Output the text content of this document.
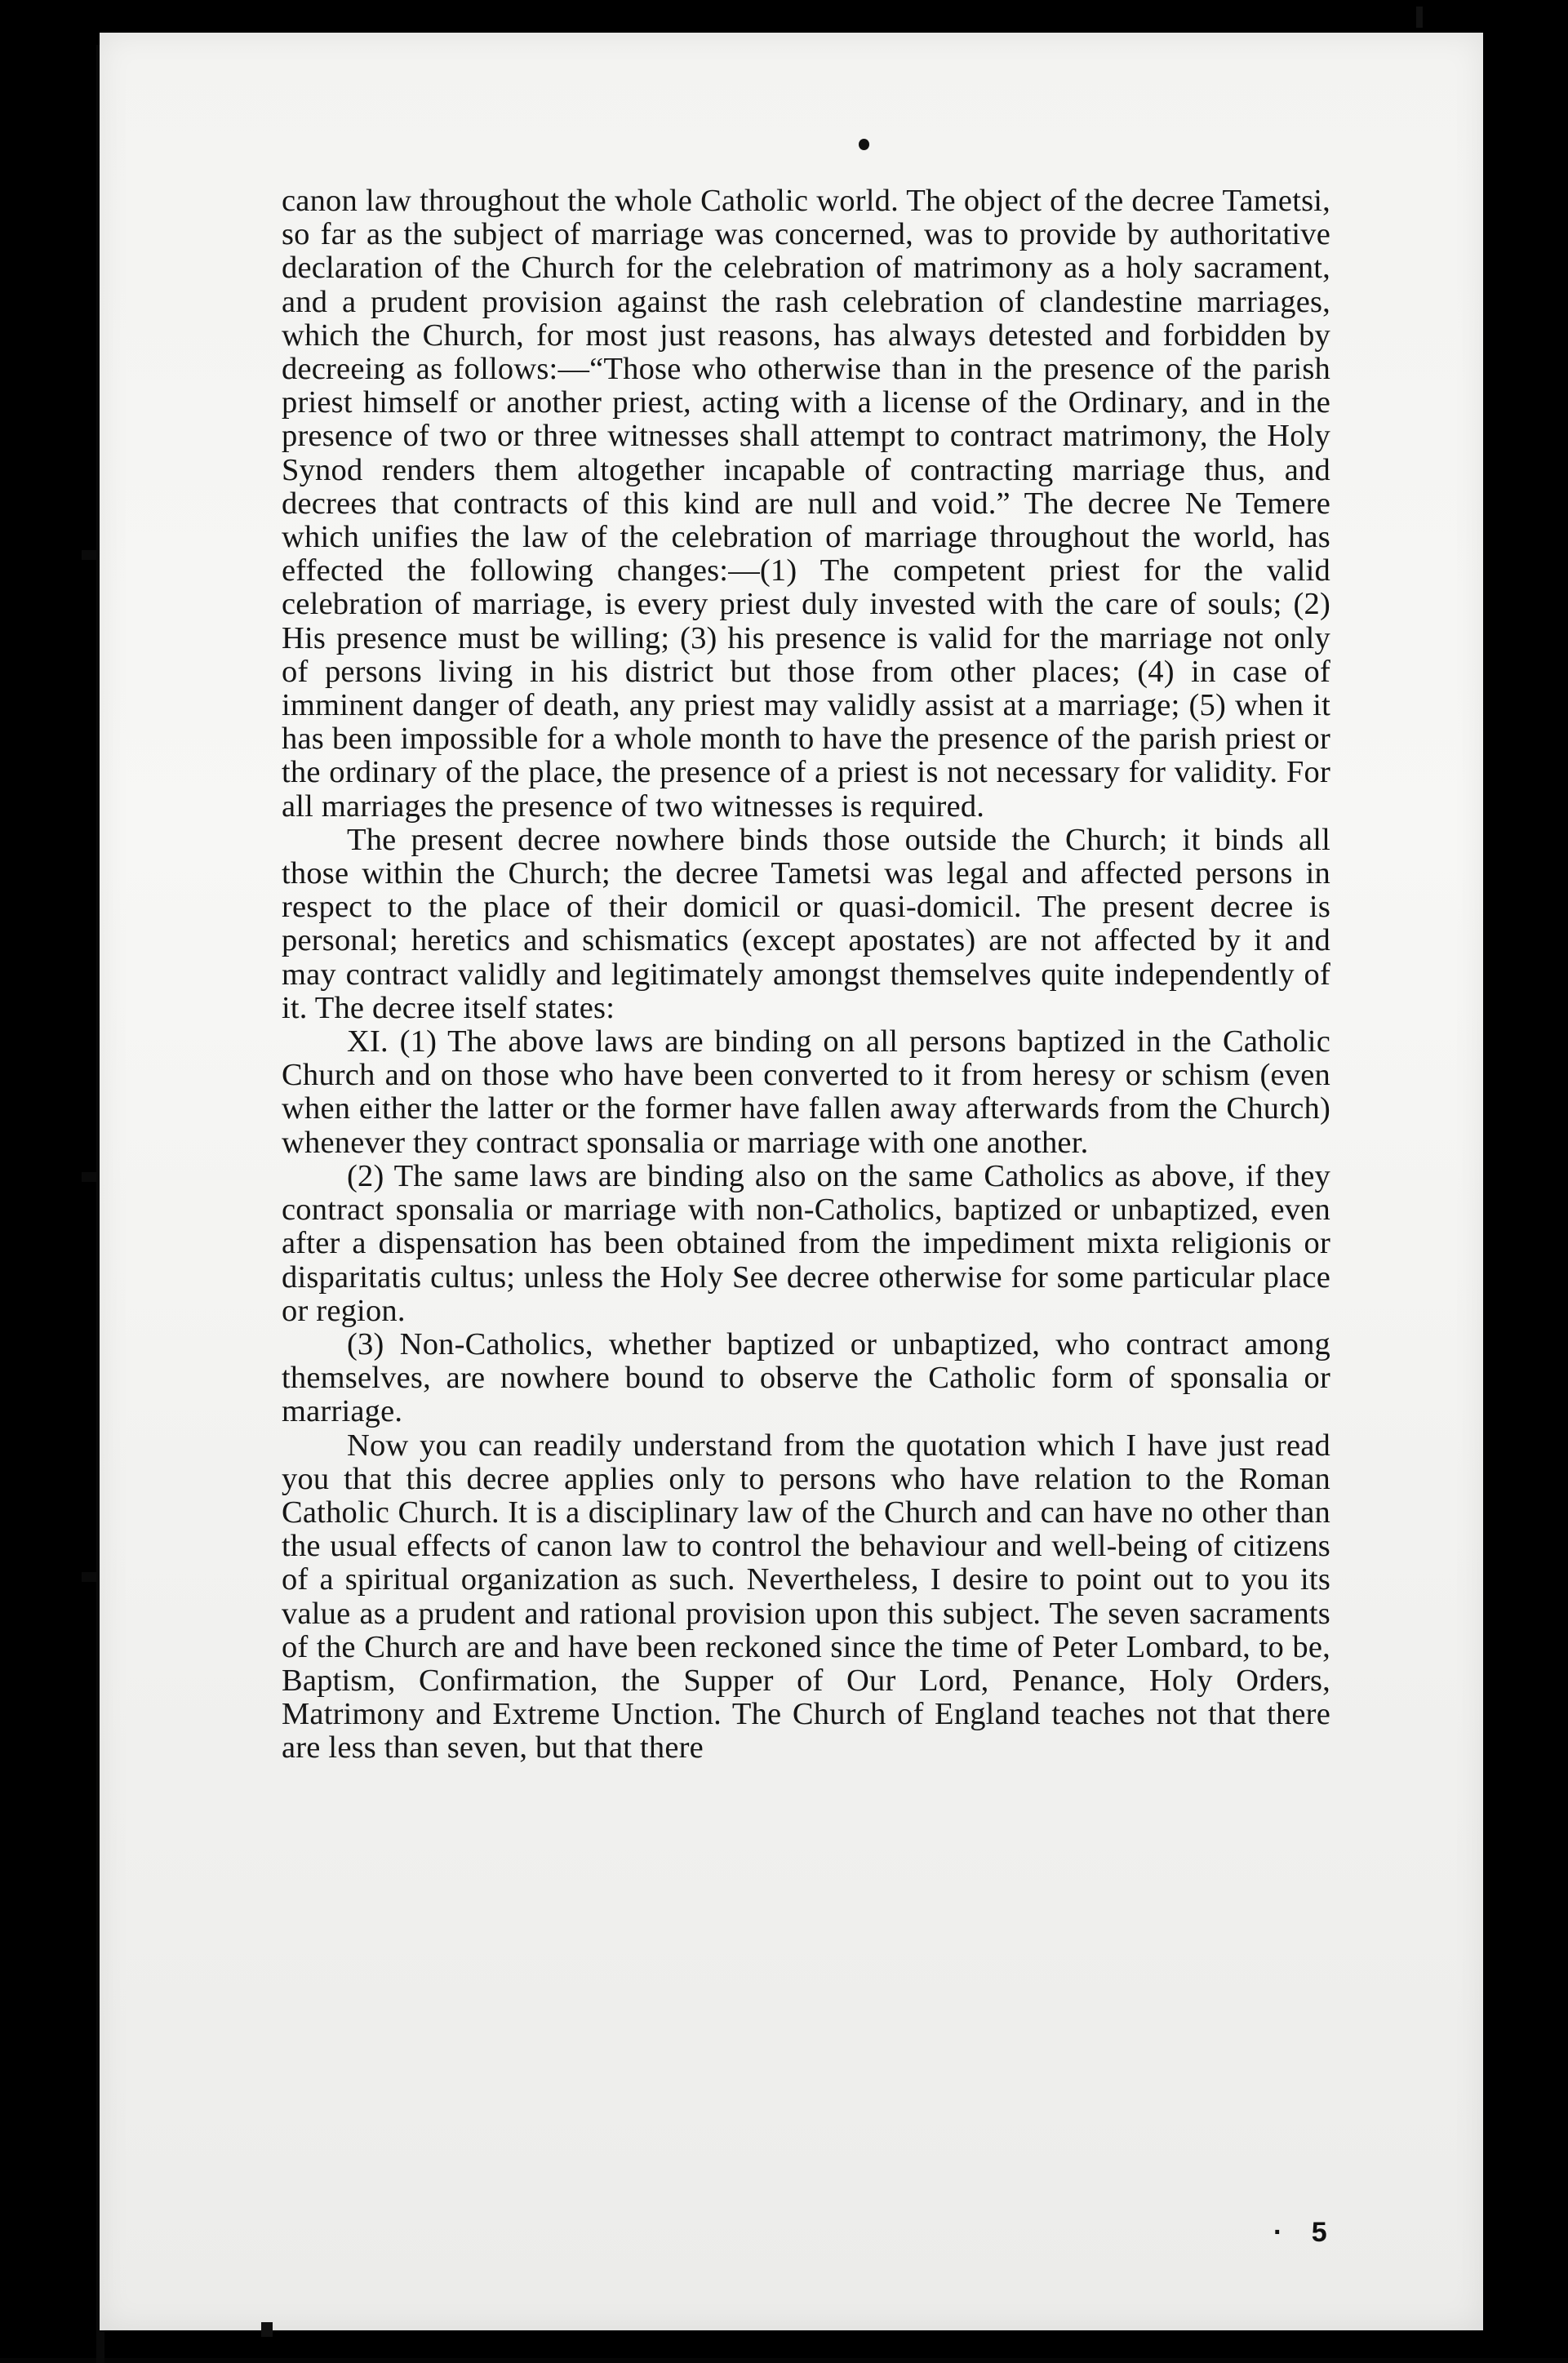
canon law throughout the whole Catholic world. The object of the decree Tametsi, so far as the subject of marriage was concerned, was to provide by authoritative declaration of the Church for the celebration of matrimony as a holy sacrament, and a prudent provision against the rash celebration of clandestine marriages, which the Church, for most just reasons, has always detested and forbidden by decreeing as follows:—“Those who otherwise than in the presence of the parish priest himself or another priest, acting with a license of the Ordinary, and in the presence of two or three witnesses shall attempt to contract matrimony, the Holy Synod renders them altogether incapable of contracting marriage thus, and decrees that contracts of this kind are null and void.” The decree Ne Temere which unifies the law of the celebration of marriage throughout the world, has effected the following changes:—(1) The competent priest for the valid celebration of marriage, is every priest duly invested with the care of souls; (2) His presence must be willing; (3) his presence is valid for the marriage not only of persons living in his district but those from other places; (4) in case of imminent danger of death, any priest may validly assist at a marriage; (5) when it has been impossible for a whole month to have the presence of the parish priest or the ordinary of the place, the presence of a priest is not necessary for validity. For all marriages the presence of two witnesses is required.

The present decree nowhere binds those outside the Church; it binds all those within the Church; the decree Tametsi was legal and affected persons in respect to the place of their domicil or quasi-domicil. The present decree is personal; heretics and schismatics (except apostates) are not affected by it and may contract validly and legitimately amongst themselves quite independently of it. The decree itself states:

XI. (1) The above laws are binding on all persons baptized in the Catholic Church and on those who have been converted to it from heresy or schism (even when either the latter or the former have fallen away afterwards from the Church) whenever they contract sponsalia or marriage with one another.

(2) The same laws are binding also on the same Catholics as above, if they contract sponsalia or marriage with non-Catholics, baptized or unbaptized, even after a dispensation has been obtained from the impediment mixta religionis or disparitatis cultus; unless the Holy See decree otherwise for some particular place or region.

(3) Non-Catholics, whether baptized or unbaptized, who contract among themselves, are nowhere bound to observe the Catholic form of sponsalia or marriage.

Now you can readily understand from the quotation which I have just read you that this decree applies only to persons who have relation to the Roman Catholic Church. It is a disciplinary law of the Church and can have no other than the usual effects of canon law to control the behaviour and well-being of citizens of a spiritual organization as such. Nevertheless, I desire to point out to you its value as a prudent and rational provision upon this subject. The seven sacraments of the Church are and have been reckoned since the time of Peter Lombard, to be, Baptism, Confirmation, the Supper of Our Lord, Penance, Holy Orders, Matrimony and Extreme Unction. The Church of England teaches not that there are less than seven, but that there

· 5
